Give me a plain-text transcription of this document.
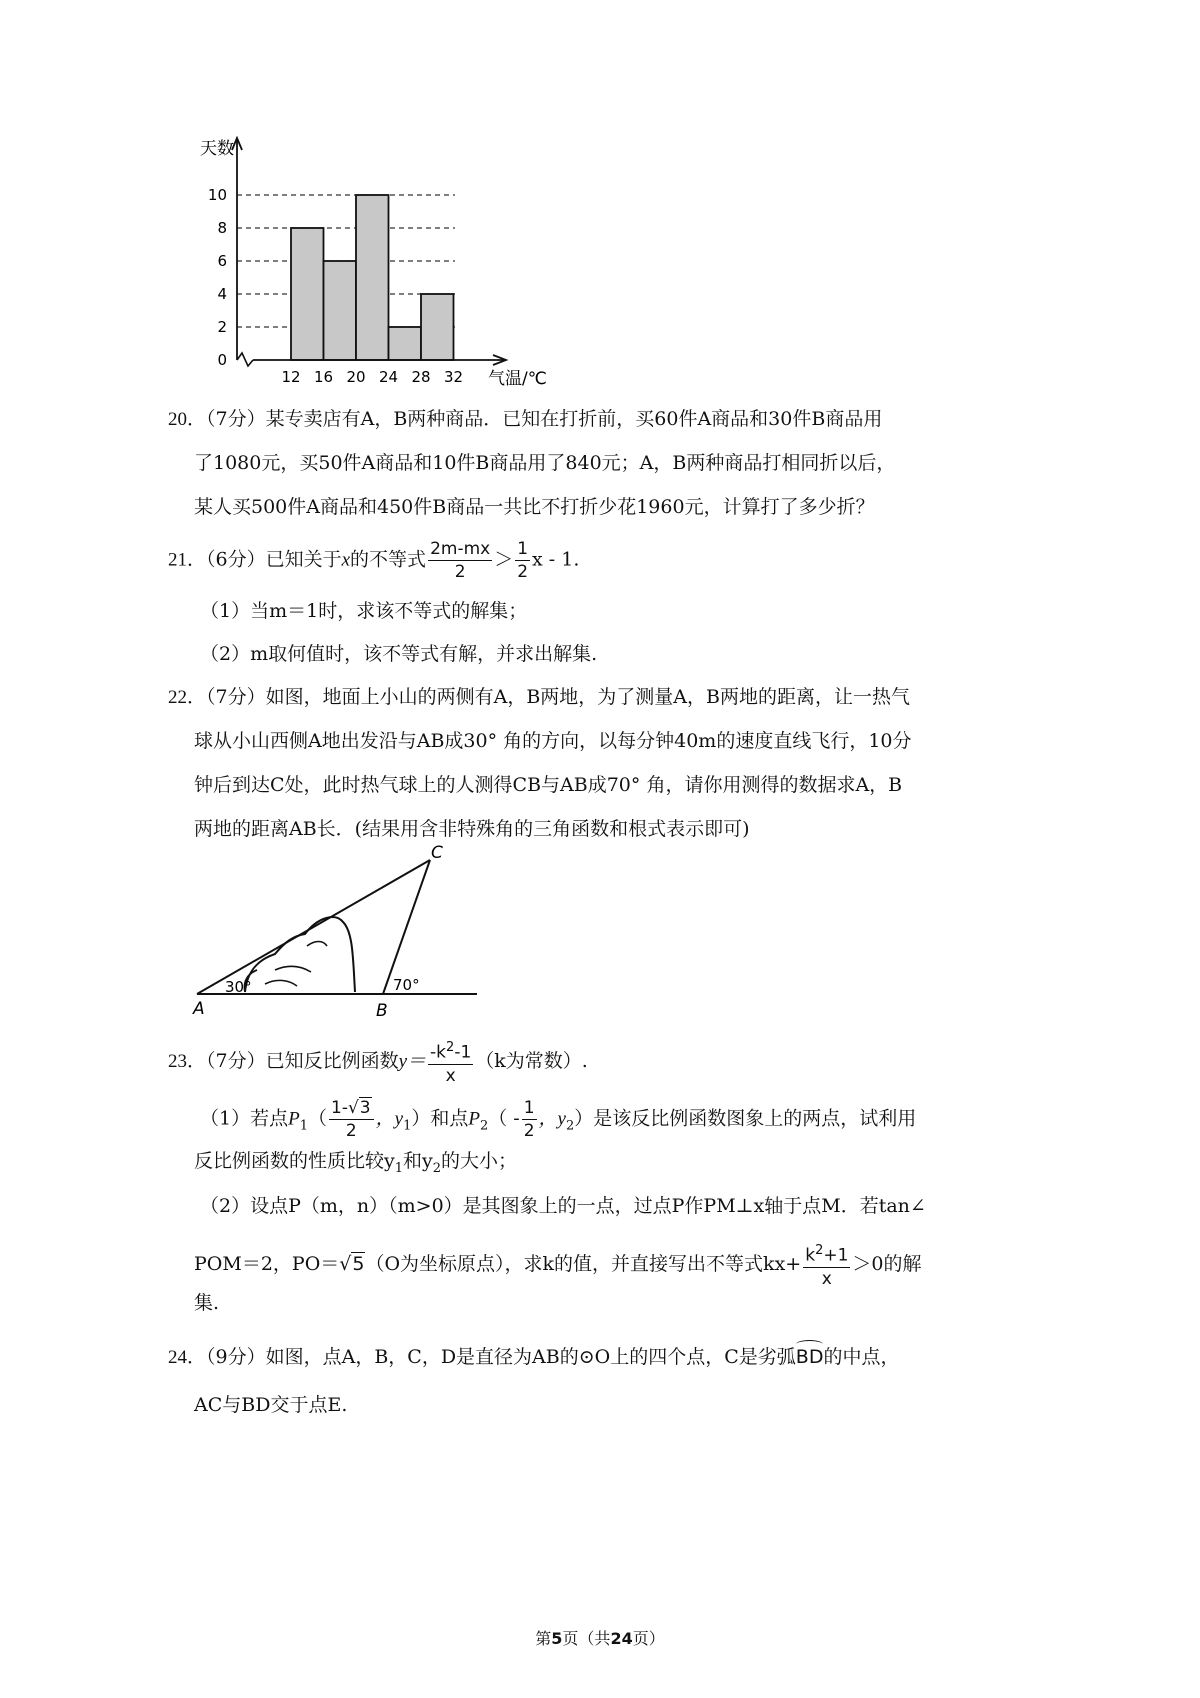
0
2
4
6
8
10
12 16 20 24 28 32
天数
气温/℃
20．（7分）某专卖店有A，B两种商品．已知在打折前，买60件A商品和30件B商品用
了1080元，买50件A商品和10件B商品用了840元；A，B两种商品打相同折以后，
某人买500件A商品和450件B商品一共比不打折少花1960元，计算打了多少折？
21．（6分）已知关于x的不等式 $\frac{2m-mx}{2} > \frac{1}{2}$ x - 1.
（1）当m＝1时，求该不等式的解集；
（2）m取何值时，该不等式有解，并求出解集.
22．（7分）如图，地面上小山的两侧有A，B两地，为了测量A，B两地的距离，让一热气
球从小山西侧A地出发沿与AB成30° 角的方向，以每分钟40m的速度直线飞行，10分
钟后到达C处，此时热气球上的人测得CB与AB成70° 角，请你用测得的数据求A，B
两地的距离AB长．(结果用含非特殊角的三角函数和根式表示即可)
C
A	B
30°	70°
23．（7分）已知反比例函数$y= \frac{-k^2-1}{x} (k$为常数）.
（1）若点$P_1( \frac{1-√3}{2}$ ，$y_1$）和点$P_2( - \frac{1}{2}$ ，$y_2$）是该反比例函数图象上的两点，试利用
反比例函数的性质比较$y_1$和$y_2$的大小；
（2）设点P（m，n）（m>0）是其图象上的一点，过点P作PM⊥x轴于点M．若tan∠
POM＝2，PO＝√5（O为坐标原点），求k的值，并直接写出不等式$kx+ \frac{k^2+1}{x} >0$的解
集.
24．（9分）如图，点A，B，C，D是直径为AB的⊙O上的四个点，C是劣弧BD的中点，
AC与BD交于点E.
第5页（共24页）
